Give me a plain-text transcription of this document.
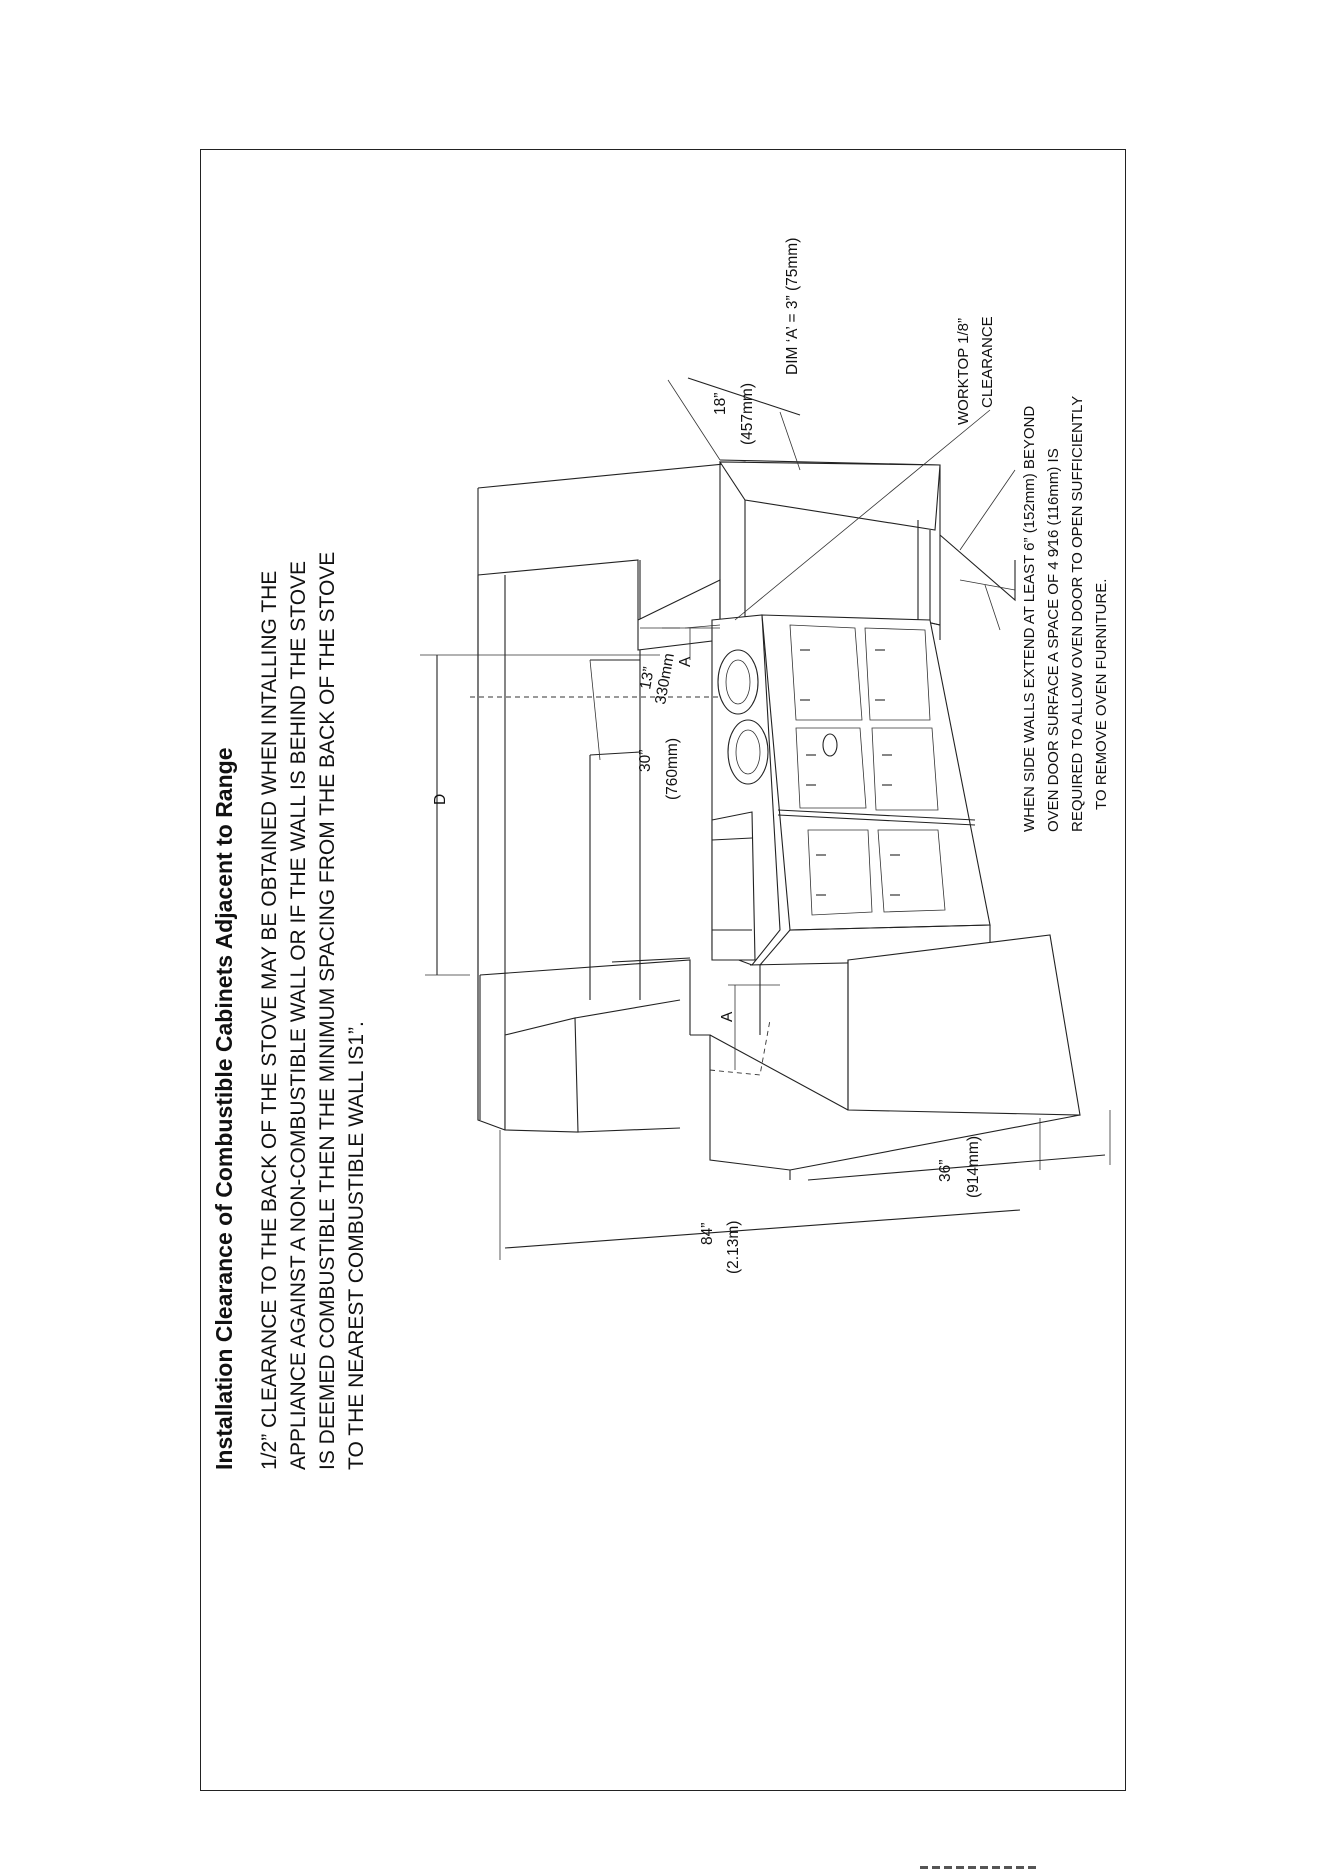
Installation Clearance of Combustible Cabinets Adjacent to Range 1/2” CLEARANCE TO THE BACK OF THE STOVE MAY BE OBTAINED WHEN INTALLING THE APPLIANCE AGAINST A NON-COMBUSTIBLE WALL OR IF THE WALL IS BEHIND THE STOVE IS DEEMED COMBUSTIBLE THEN THE MINIMUM SPACING FROM THE BACK OF THE STOVE TO THE NEAREST COMBUSTIBLE WALL IS1”.
D
30” (760mm)
13”
330mm A
A
18” (457mm)
84” (2.13m)
36” (914mm)
DIM ‘A’ = 3” (75mm)	WORKTOP 1/8” CLEARANCE
WHEN SIDE WALLS EXTEND AT LEAST 6” (152mm) BEYOND OVEN DOOR SURFACE A SPACE OF 4 9⁄16 (116mm) IS REQUIRED TO ALLOW OVEN DOOR TO OPEN SUFFICIENTLY TO REMOVE OVEN FURNITURE.
